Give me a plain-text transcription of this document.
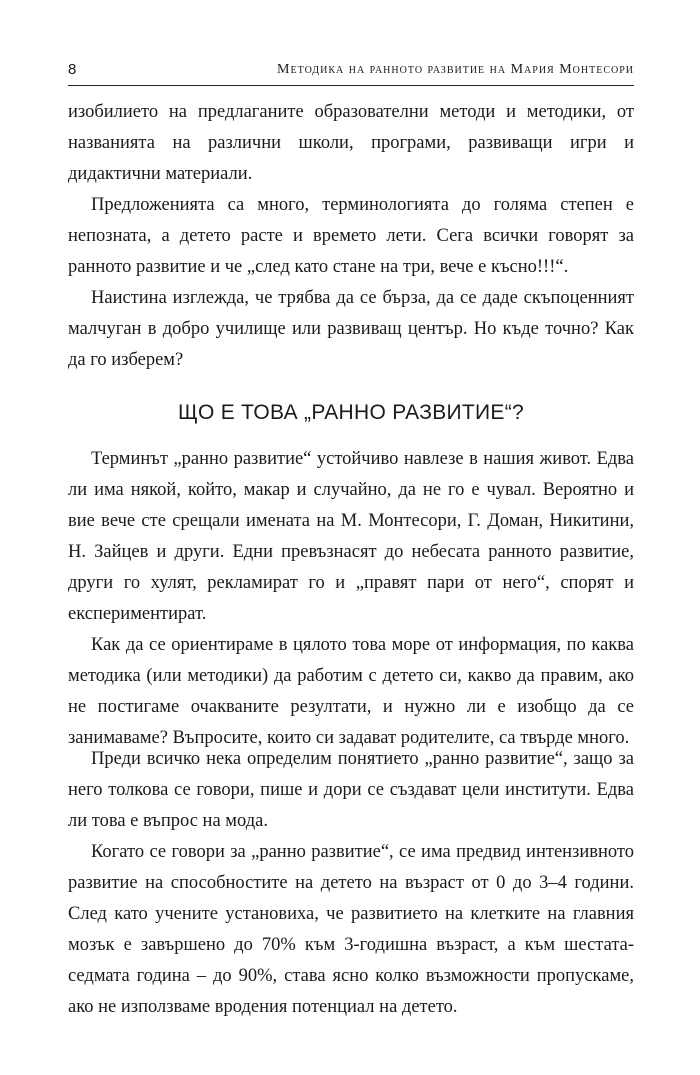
8	Методика на ранното развитие на Мария Монтесори

изобилието на предлаганите образователни методи и методики, от названията на различни школи, програми, развиващи игри и дидактични материали.

Предложенията са много, терминологията до голяма степен е непозната, а детето расте и времето лети. Сега всички говорят за ранното развитие и че „след като стане на три, вече е късно!!!“.

Наистина изглежда, че трябва да се бърза, да се даде скъпоценният малчуган в добро училище или развиващ център. Но къде точно? Как да го изберем?

ЩО Е ТОВА „РАННО РАЗВИТИЕ“?

Терминът „ранно развитие“ устойчиво навлезе в нашия живот. Едва ли има някой, който, макар и случайно, да не го е чувал. Вероятно и вие вече сте срещали имената на М. Монтесори, Г. Доман, Никитини, Н. Зайцев и други. Едни превъзнасят до небесата ранното развитие, други го хулят, рекламират го и „правят пари от него“, спорят и експериментират.

Как да се ориентираме в цялото това море от информация, по каква методика (или методики) да работим с детето си, какво да правим, ако не постигаме очакваните резултати, и нужно ли е изобщо да се занимаваме? Въпросите, които си задават родителите, са твърде много.

Преди всичко нека определим понятието „ранно развитие“, защо за него толкова се говори, пише и дори се създават цели институти. Едва ли това е въпрос на мода.

Когато се говори за „ранно развитие“, се има предвид интензивното развитие на способностите на детето на възраст от 0 до 3–4 години. След като учените установиха, че развитието на клетките на главния мозък е завършено до 70% към 3-годишна възраст, а към шестата-седмата година – до 90%, става ясно колко възможности пропускаме, ако не използваме вродения потенциал на детето.
